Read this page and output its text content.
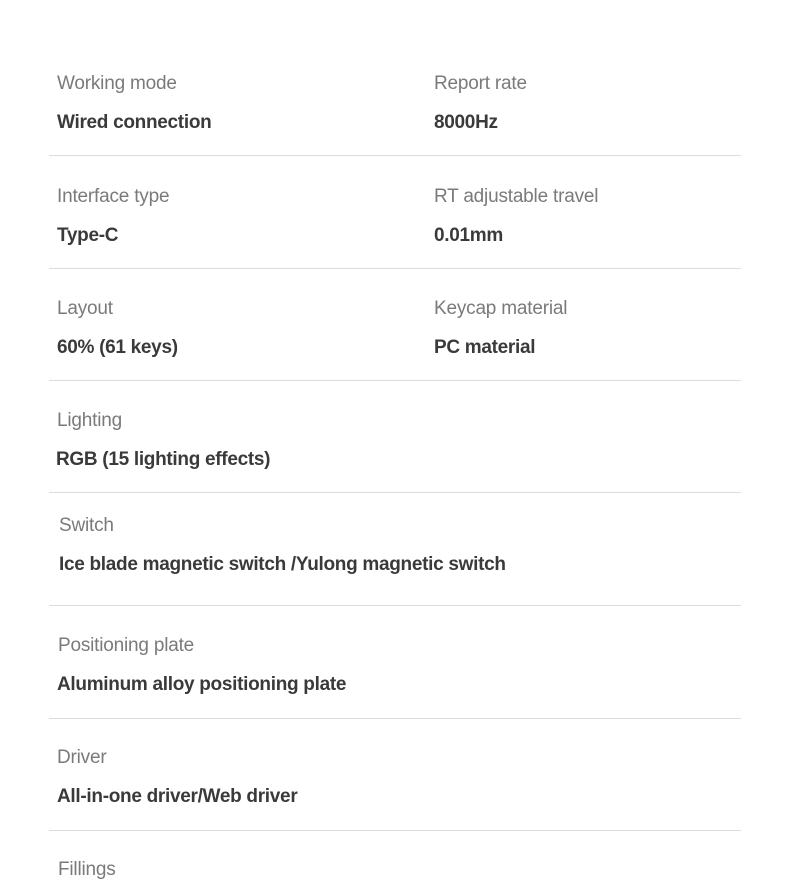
Working mode
Wired connection
Report rate
8000Hz
Interface type
Type-C
RT adjustable travel
0.01mm
Layout
60% (61 keys)
Keycap material
PC material
Lighting
RGB (15 lighting effects)
Switch
Ice blade magnetic switch /Yulong magnetic switch
Positioning plate
Aluminum alloy positioning plate
Driver
All-in-one driver/Web driver
Fillings
